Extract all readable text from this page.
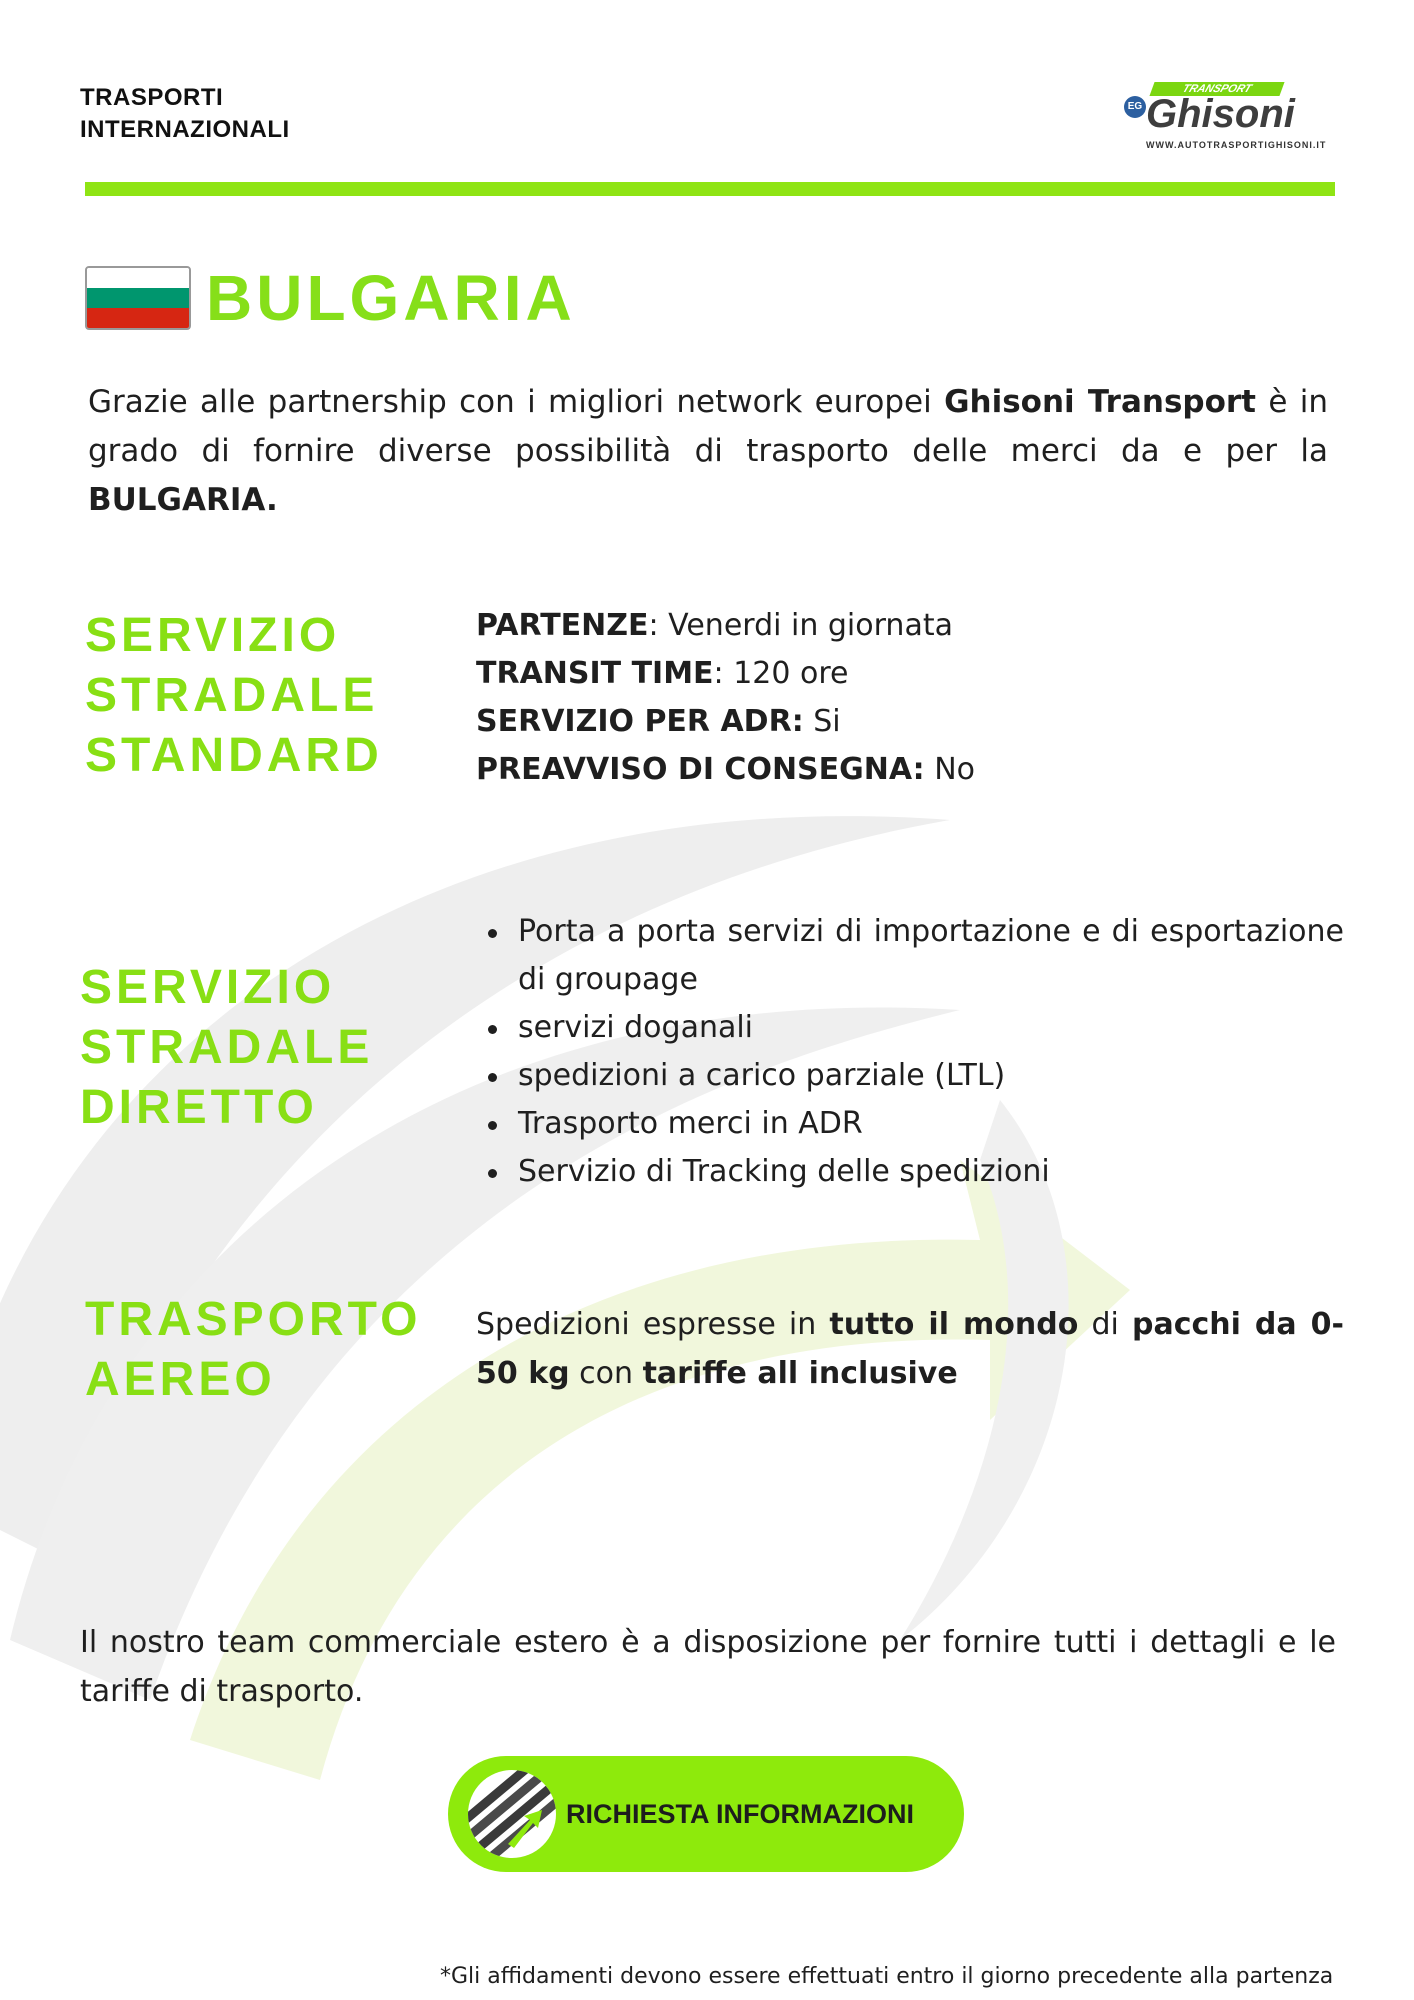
TRASPORTI
INTERNAZIONALI
TRANSPORT
EG Ghisoni
WWW.AUTOTRASPORTIGHISONI.IT
BULGARIA
Grazie alle partnership con i migliori network europei Ghisoni Transport è in grado di fornire diverse possibilità di trasporto delle merci da e per la BULGARIA.
SERVIZIO
STRADALE
STANDARD
PARTENZE: Venerdi in giornata
TRANSIT TIME: 120 ore
SERVIZIO PER ADR: Si
PREAVVISO DI CONSEGNA: No
SERVIZIO
STRADALE
DIRETTO
Porta a porta servizi di importazione e di esportazione di groupage
servizi doganali
spedizioni a carico parziale (LTL)
Trasporto merci in ADR
Servizio di Tracking delle spedizioni
TRASPORTO
AEREO
Spedizioni espresse in tutto il mondo di pacchi da 0-50 kg con tariffe all inclusive
Il nostro team commerciale estero è a disposizione per fornire tutti i dettagli e le tariffe di trasporto.
RICHIESTA INFORMAZIONI
*Gli affidamenti devono essere effettuati entro il giorno precedente alla partenza
